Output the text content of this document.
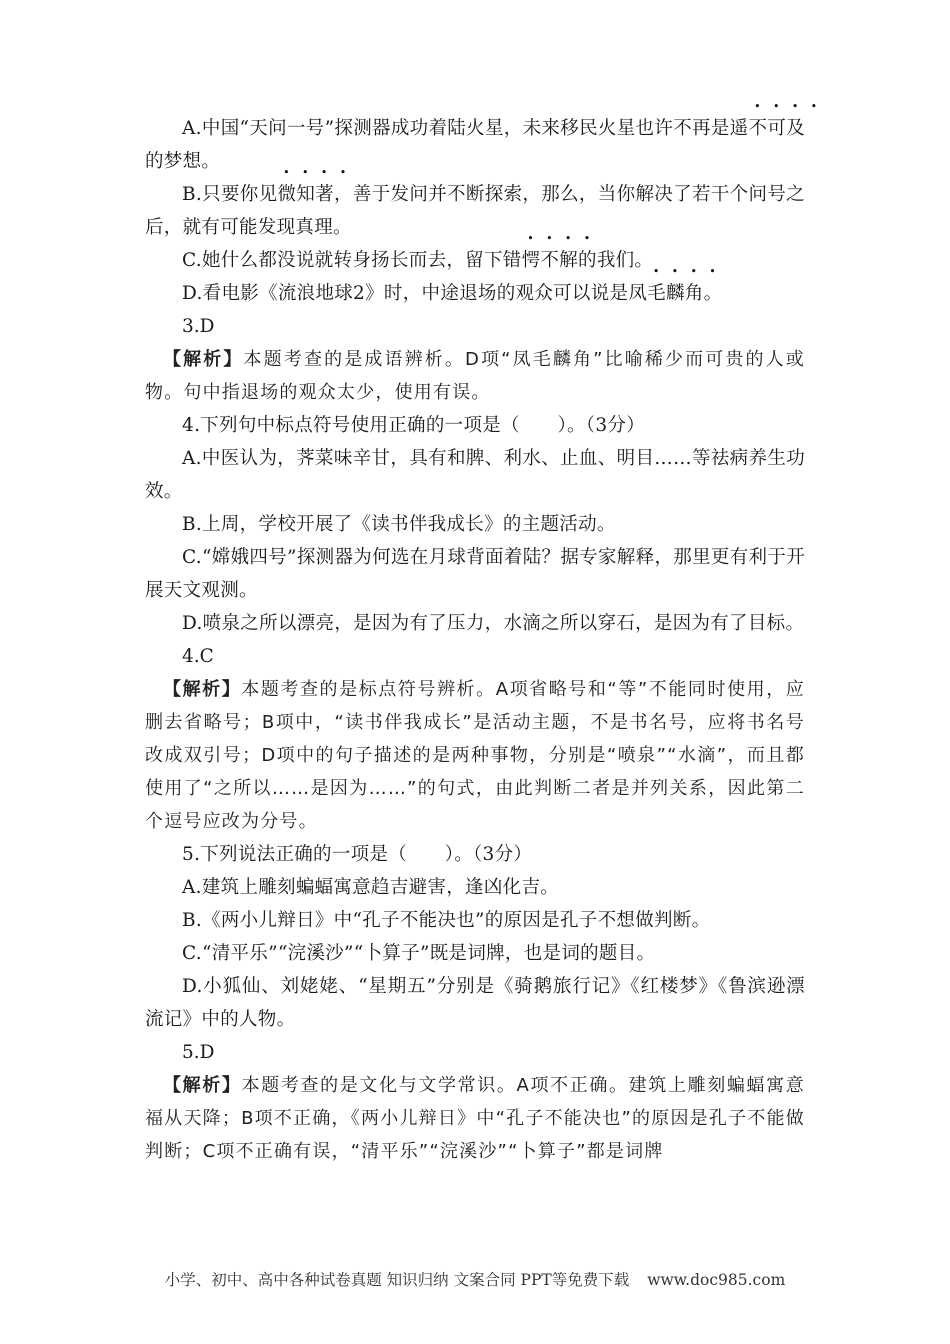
A.中国“天问一号”探测器成功着陆火星，未来移民火星也许不再是遥不可及的梦想。

B.只要你见微知著，善于发问并不断探索，那么，当你解决了若干个问号之后，就有可能发现真理。

C.她什么都没说就转身扬长而去，留下错愕不解的我们。

D.看电影《流浪地球2》时，中途退场的观众可以说是凤毛麟角。

3.D

【解析】本题考查的是成语辨析。D项“凤毛麟角”比喻稀少而可贵的人或物。句中指退场的观众太少，使用有误。

4.下列句中标点符号使用正确的一项是（　　）。（3分）

A.中医认为，荠菜味辛甘，具有和脾、利水、止血、明目……等祛病养生功效。

B.上周，学校开展了《读书伴我成长》的主题活动。

C.“嫦娥四号”探测器为何选在月球背面着陆？据专家解释，那里更有利于开展天文观测。

D.喷泉之所以漂亮，是因为有了压力，水滴之所以穿石，是因为有了目标。

4.C

【解析】本题考查的是标点符号辨析。A项省略号和“等”不能同时使用，应删去省略号；B项中，“读书伴我成长”是活动主题，不是书名号，应将书名号改成双引号；D项中的句子描述的是两种事物，分别是“喷泉”“水滴”，而且都使用了“之所以……是因为……”的句式，由此判断二者是并列关系，因此第二个逗号应改为分号。

5.下列说法正确的一项是（　　）。（3分）

A.建筑上雕刻蝙蝠寓意趋吉避害，逢凶化吉。

B.《两小儿辩日》中“孔子不能决也”的原因是孔子不想做判断。

C.“清平乐”“浣溪沙”“卜算子”既是词牌，也是词的题目。

D.小狐仙、刘姥姥、“星期五”分别是《骑鹅旅行记》《红楼梦》《鲁滨逊漂流记》中的人物。

5.D

【解析】本题考查的是文化与文学常识。A项不正确。建筑上雕刻蝙蝠寓意福从天降；B项不正确，《两小儿辩日》中“孔子不能决也”的原因是孔子不能做判断；C项不正确有误，“清平乐”“浣溪沙”“卜算子”都是词牌

小学、初中、高中各种试卷真题 知识归纳 文案合同 PPT等免费下载 www.doc985.com
